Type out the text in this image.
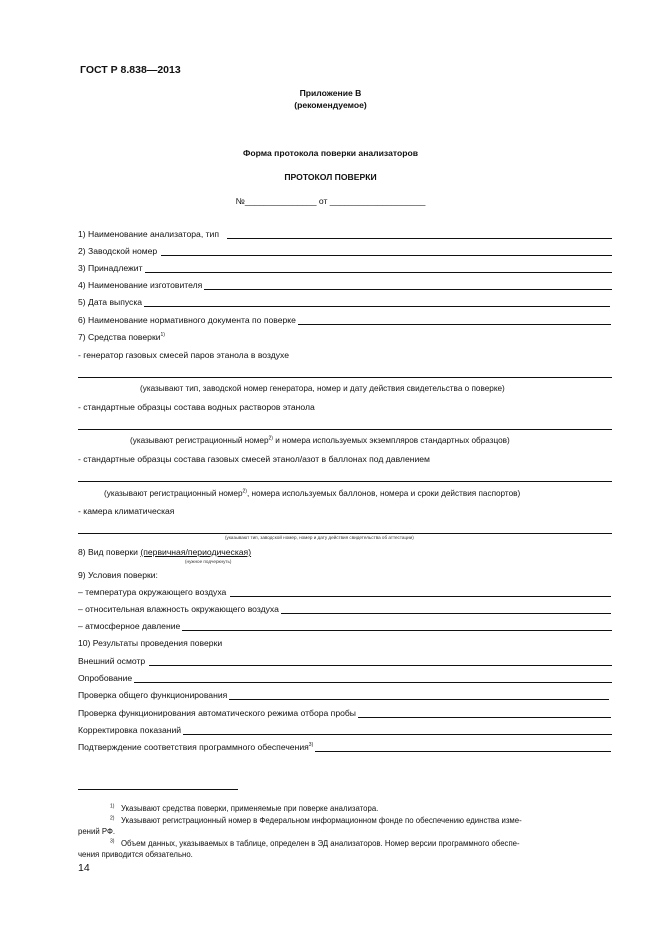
ГОСТ Р 8.838—2013
Приложение В
(рекомендуемое)
Форма протокола поверки анализаторов
ПРОТОКОЛ ПОВЕРКИ
№_______________ от ____________________
1) Наименование анализатора, тип
2) Заводской номер
3) Принадлежит
4) Наименование изготовителя
5) Дата выпуска
6) Наименование нормативного документа по поверке
7) Средства поверки$^{1)}$
- генератор газовых смесей паров этанола в воздухе
(указывают тип, заводской номер генератора, номер и дату действия свидетельства о поверке)
- стандартные образцы состава водных растворов этанола
(указывают регистрационный номер$^{2)}$ и номера используемых экземпляров стандартных образцов)
- стандартные образцы состава газовых смесей этанол/азот в баллонах под давлением
(указывают регистрационный номер$^{2)}$, номера используемых баллонов, номера и сроки действия паспортов)
- камера климатическая
(указывают тип, заводской номер, номер и дату действия свидетельства об аттестации)
8) Вид поверки (первичная/периодическая)
(нужное подчеркнуть)
9) Условия поверки:
– температура окружающего воздуха
– относительная влажность окружающего воздуха
– атмосферное давление
10) Результаты проведения поверки
Внешний осмотр
Опробование
Проверка общего функционирования
Проверка функционирования автоматического режима отбора пробы
Корректировка показаний
Подтверждение соответствия программного обеспечения$^{3)}$
$^{1)}$ Указывают средства поверки, применяемые при поверке анализатора.
$^{2)}$ Указывают регистрационный номер в Федеральном информационном фонде по обеспечению единства изме-
рений РФ.
$^{3)}$ Объем данных, указываемых в таблице, определен в ЭД анализаторов. Номер версии программного обеспе-
чения приводится обязательно.
14
